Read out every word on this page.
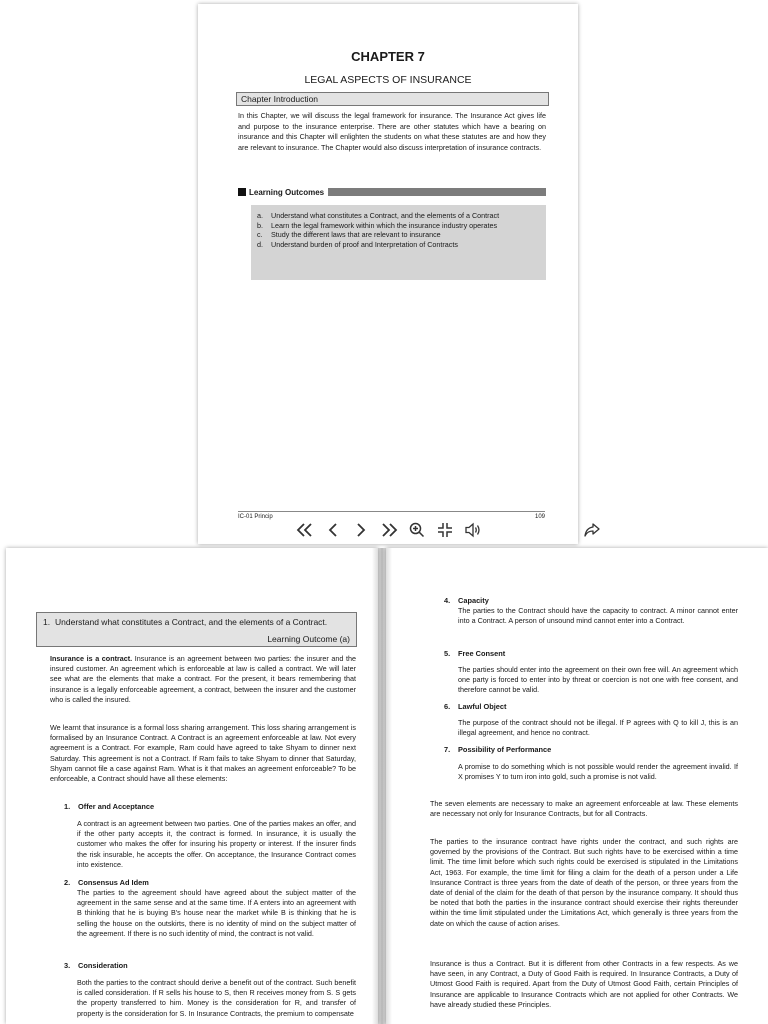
CHAPTER 7
LEGAL ASPECTS OF INSURANCE
Chapter Introduction
In this Chapter, we will discuss the legal framework for insurance. The Insurance Act gives life and purpose to the insurance enterprise. There are other statutes which have a bearing on insurance and this Chapter will enlighten the students on what these statutes are and how they are relevant to insurance. The Chapter would also discuss interpretation of insurance contracts.
Learning Outcomes
a.	Understand what constitutes a Contract, and the elements of a Contract
b.	Learn the legal framework within which the insurance industry operates
c.	Study the different laws that are relevant to insurance
d.	Understand burden of proof and Interpretation of Contracts
IC-01 Princip	109
1. Understand what constitutes a Contract, and the elements of a Contract.
Learning Outcome (a)
Insurance is a contract. Insurance is an agreement between two parties: the insurer and the insured customer. An agreement which is enforceable at law is called a contract. We will later see what are the elements that make a contract. For the present, it bears remembering that insurance is a legally enforceable agreement, a contract, between the insurer and the customer who is called the insured.
We learnt that insurance is a formal loss sharing arrangement. This loss sharing arrangement is formalised by an Insurance Contract. A Contract is an agreement enforceable at law. Not every agreement is a Contract. For example, Ram could have agreed to take Shyam to dinner next Saturday. This agreement is not a Contract. If Ram fails to take Shyam to dinner that Saturday, Shyam cannot file a case against Ram. What is it that makes an agreement enforceable? To be enforceable, a Contract should have all these elements:
1.	Offer and Acceptance
A contract is an agreement between two parties. One of the parties makes an offer, and if the other party accepts it, the contract is formed. In insurance, it is usually the customer who makes the offer for insuring his property or interest. If the insurer finds the risk insurable, he accepts the offer. On acceptance, the Insurance Contract comes into existence.
2.	Consensus Ad Idem
The parties to the agreement should have agreed about the subject matter of the agreement in the same sense and at the same time. If A enters into an agreement with B thinking that he is buying B's house near the market while B is thinking that he is selling the house on the outskirts, there is no identity of mind on the subject matter of the agreement. If there is no such identity of mind, the contract is not valid.
3.	Consideration
Both the parties to the contract should derive a benefit out of the contract. Such benefit is called consideration. If R sells his house to S, then R receives money from S. S gets the property transferred to him. Money is the consideration for R, and transfer of property is the consideration for S. In Insurance Contracts, the premium to compensate
4.	Capacity
The parties to the Contract should have the capacity to contract. A minor cannot enter into a Contract. A person of unsound mind cannot enter into a Contract.
5.	Free Consent
The parties should enter into the agreement on their own free will. An agreement which one party is forced to enter into by threat or coercion is not one with free consent, and therefore cannot be valid.
6.	Lawful Object
The purpose of the contract should not be illegal. If P agrees with Q to kill J, this is an illegal agreement, and hence no contract.
7.	Possibility of Performance
A promise to do something which is not possible would render the agreement invalid. If X promises Y to turn iron into gold, such a promise is not valid.
The seven elements are necessary to make an agreement enforceable at law. These elements are necessary not only for Insurance Contracts, but for all Contracts.
The parties to the insurance contract have rights under the contract, and such rights are governed by the provisions of the Contract. But such rights have to be exercised within a time limit. The time limit before which such rights could be exercised is stipulated in the Limitations Act, 1963. For example, the time limit for filing a claim for the death of a person under a Life Insurance Contract is three years from the date of death of the person, or three years from the date of denial of the claim for the death of that person by the insurance company. It should thus be noted that both the parties in the insurance contract should exercise their rights thereunder within the time limit stipulated under the Limitations Act, which generally is three years from the date on which the cause of action arises.
Insurance is thus a Contract. But it is different from other Contracts in a few respects. As we have seen, in any Contract, a Duty of Good Faith is required. In Insurance Contracts, a Duty of Utmost Good Faith is required. Apart from the Duty of Utmost Good Faith, certain Principles of Insurance are applicable to Insurance Contracts which are not applied for other Contracts. We have already studied these Principles.
